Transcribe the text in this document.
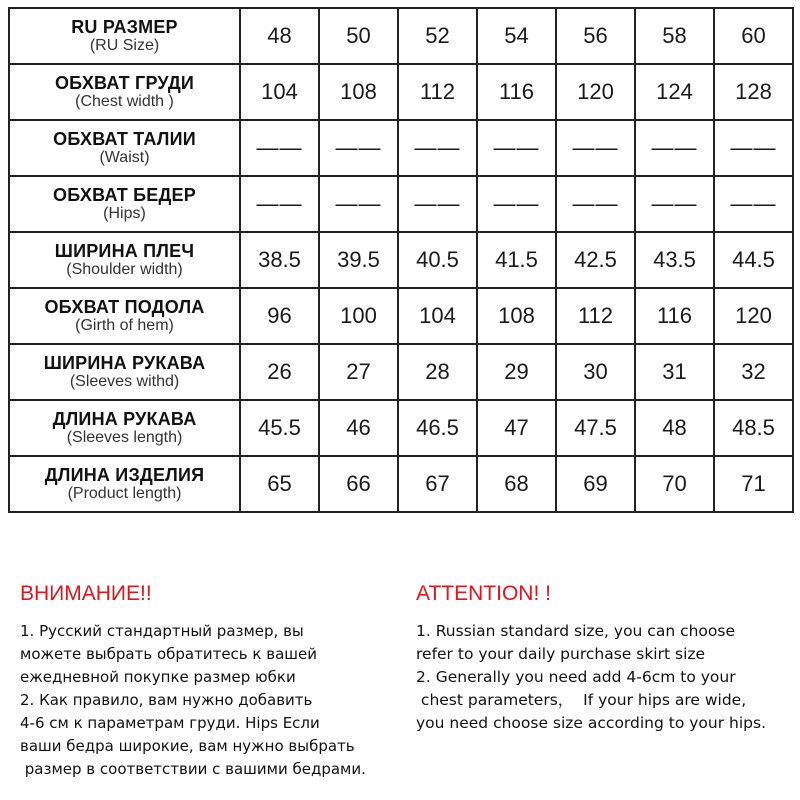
RU РАЗМЕР
(RU Size)	48	50	52	54	56	58	60

ОБХВАТ ГРУДИ
(Chest width )	104	108	112	116	120	124	128

ОБХВАТ ТАЛИИ
(Waist)	——	——	——	——	——	——	——

ОБХВАТ БЕДЕР
(Hips)	——	——	——	——	——	——	——

ШИРИНА ПЛЕЧ
(Shoulder width)	38.5	39.5	40.5	41.5	42.5	43.5	44.5

ОБХВАТ ПОДОЛА
(Girth of hem)	96	100	104	108	112	116	120

ШИРИНА РУКАВА
(Sleeves withd)	26	27	28	29	30	31	32

ДЛИНА РУКАВА
(Sleeves length)	45.5	46	46.5	47	47.5	48	48.5

ДЛИНА ИЗДЕЛИЯ
(Product length)	65	66	67	68	69	70	71
ВНИМАНИЕ!!
1. Русский стандартный размер, вы
можете выбрать обратитесь к вашей
ежедневной покупке размер юбки
2. Как правило, вам нужно добавить
4-6 см к параметрам груди. Hips Если
ваши бедра широкие, вам нужно выбрать
размер в соответствии с вашими бедрами.
ATTENTION! !
1. Russian standard size, you can choose
refer to your daily purchase skirt size
2. Generally you need add 4-6cm to your
chest parameters，  If your hips are wide,
you need choose size according to your hips.
